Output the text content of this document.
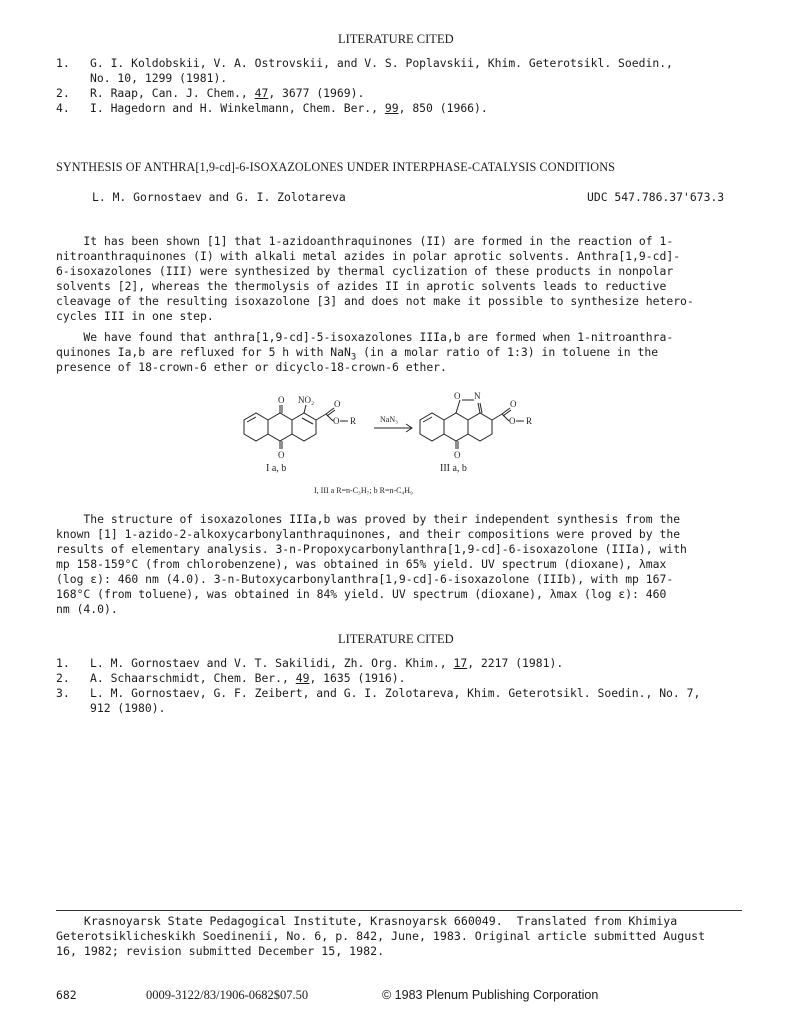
LITERATURE CITED
1. G. I. Koldobskii, V. A. Ostrovskii, and V. S. Poplavskii, Khim. Geterotsikl. Soedin.,
No. 10, 1299 (1981).
2. R. Raap, Can. J. Chem., 47, 3677 (1969).
4. I. Hagedorn and H. Winkelmann, Chem. Ber., 99, 850 (1966).
SYNTHESIS OF ANTHRA[1,9-cd]-6-ISOXAZOLONES UNDER INTERPHASE-CATALYSIS CONDITIONS
L. M. Gornostaev and G. I. Zolotareva	UDC 547.786.37'673.3
It has been shown [1] that 1-azidoanthraquinones (II) are formed in the reaction of 1-
nitroanthraquinones (I) with alkali metal azides in polar aprotic solvents. Anthra[1,9-cd]-
6-isoxazolones (III) were synthesized by thermal cyclization of these products in nonpolar
solvents [2], whereas the thermolysis of azides II in aprotic solvents leads to reductive
cleavage of the resulting isoxazolone [3] and does not make it possible to synthesize hetero-
cycles III in one step.
We have found that anthra[1,9-cd]-5-isoxazolones IIIa,b are formed when 1-nitroanthra-
quinones Ia,b are refluxed for 5 h with NaN$_3$ (in a molar ratio of 1:3) in toluene in the
presence of 18-crown-6 ether or dicyclo-18-crown-6 ether.
O
O
NO₂ O
O R
I a, b
NaN₃
O N
O
O
O R
III a, b
I, III a R=n-C₃H₇; b R=n-C₄H₉
The structure of isoxazolones IIIa,b was proved by their independent synthesis from the
known [1] 1-azido-2-alkoxycarbonylanthraquinones, and their compositions were proved by the
results of elementary analysis. 3-n-Propoxycarbonylanthra[1,9-cd]-6-isoxazolone (IIIa), with
mp 158-159°C (from chlorobenzene), was obtained in 65% yield. UV spectrum (dioxane), λmax
(log ε): 460 nm (4.0). 3-n-Butoxycarbonylanthra[1,9-cd]-6-isoxazolone (IIIb), with mp 167-
168°C (from toluene), was obtained in 84% yield. UV spectrum (dioxane), λmax (log ε): 460
nm (4.0).
LITERATURE CITED
1. L. M. Gornostaev and V. T. Sakilidi, Zh. Org. Khim., 17, 2217 (1981).
2. A. Schaarschmidt, Chem. Ber., 49, 1635 (1916).
3. L. M. Gornostaev, G. F. Zeibert, and G. I. Zolotareva, Khim. Geterotsikl. Soedin., No. 7,
912 (1980).
Krasnoyarsk State Pedagogical Institute, Krasnoyarsk 660049.  Translated from Khimiya
Geterotsiklicheskikh Soedinenii, No. 6, p. 842, June, 1983. Original article submitted August
16, 1982; revision submitted December 15, 1982.
682	0009-3122/83/1906-0682$07.50	© 1983 Plenum Publishing Corporation
